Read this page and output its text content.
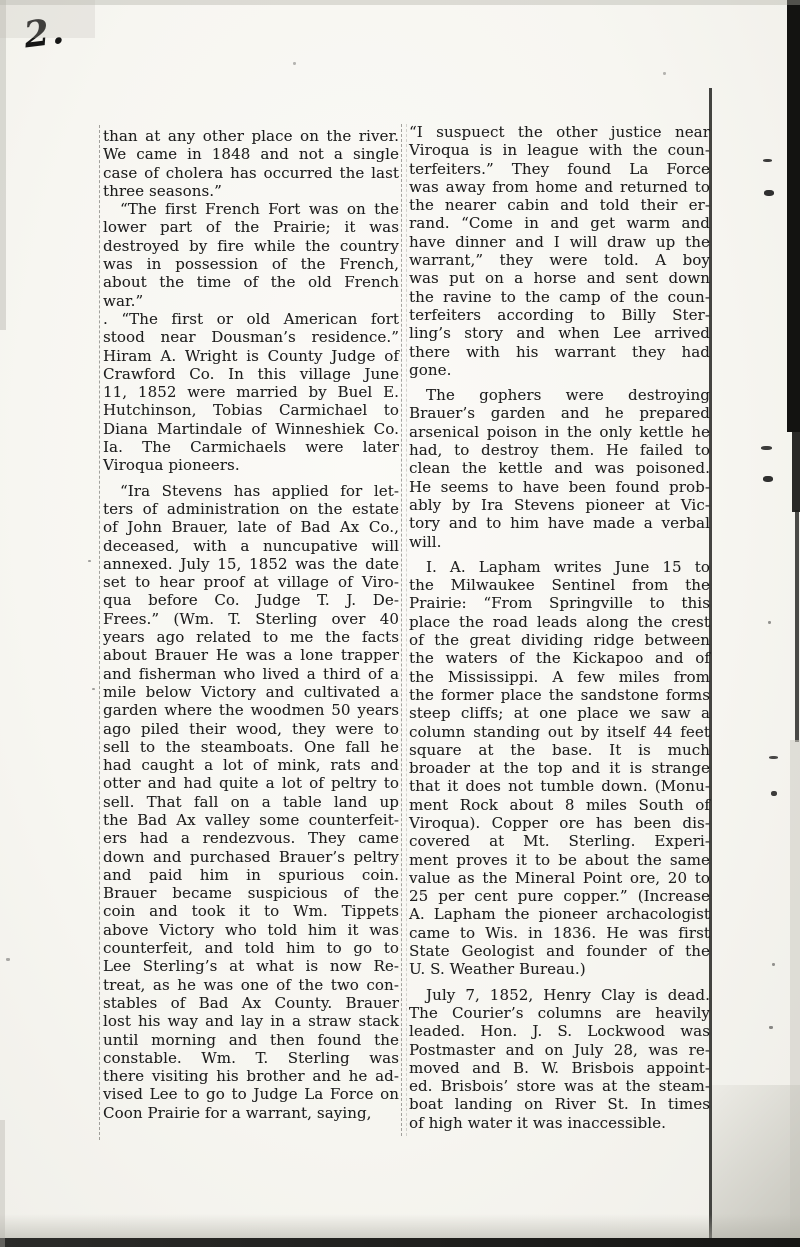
2.
than at any other place on the river.
We came in 1848 and not a single
case of cholera has occurred the last
three seasons.”
“The first French Fort was on the
lower part of the Prairie; it was
destroyed by fire while the country
was in possession of the French,
about the time of the old French
war.”
. “The first or old American fort
stood near Dousman’s residence.”
Hiram A. Wright is County Judge of
Crawford Co. In this village June
11, 1852 were married by Buel E.
Hutchinson, Tobias Carmichael to
Diana Martindale of Winneshiek Co.
Ia. The Carmichaels were later
Viroqua pioneers.
“Ira Stevens has applied for let-
ters of administration on the estate
of John Brauer, late of Bad Ax Co.,
deceased, with a nuncupative will
annexed. July 15, 1852 was the date
set to hear proof at village of Viro-
qua before Co. Judge T. J. De-
Frees.” (Wm. T. Sterling over 40
years ago related to me the facts
about Brauer He was a lone trapper
and fisherman who lived a third of a
mile below Victory and cultivated a
garden where the woodmen 50 years
ago piled their wood, they were to
sell to the steamboats. One fall he
had caught a lot of mink, rats and
otter and had quite a lot of peltry to
sell. That fall on a table land up
the Bad Ax valley some counterfeit-
ers had a rendezvous. They came
down and purchased Brauer’s peltry
and paid him in spurious coin.
Brauer became suspicious of the
coin and took it to Wm. Tippets
above Victory who told him it was
counterfeit, and told him to go to
Lee Sterling’s at what is now Re-
treat, as he was one of the two con-
stables of Bad Ax County. Brauer
lost his way and lay in a straw stack
until morning and then found the
constable. Wm. T. Sterling was
there visiting his brother and he ad-
vised Lee to go to Judge La Force on
Coon Prairie for a warrant, saying,
“I suspuect the other justice near
Viroqua is in league with the coun-
terfeiters.” They found La Force
was away from home and returned to
the nearer cabin and told their er-
rand. “Come in and get warm and
have dinner and I will draw up the
warrant,” they were told. A boy
was put on a horse and sent down
the ravine to the camp of the coun-
terfeiters according to Billy Ster-
ling’s story and when Lee arrived
there with his warrant they had
gone.
The gophers were destroying
Brauer’s garden and he prepared
arsenical poison in the only kettle he
had, to destroy them. He failed to
clean the kettle and was poisoned.
He seems to have been found prob-
ably by Ira Stevens pioneer at Vic-
tory and to him have made a verbal
will.
I. A. Lapham writes June 15 to
the Milwaukee Sentinel from the
Prairie: “From Springville to this
place the road leads along the crest
of the great dividing ridge between
the waters of the Kickapoo and of
the Mississippi. A few miles from
the former place the sandstone forms
steep cliffs; at one place we saw a
column standing out by itself 44 feet
square at the base. It is much
broader at the top and it is strange
that it does not tumble down. (Monu-
ment Rock about 8 miles South of
Viroqua). Copper ore has been dis-
covered at Mt. Sterling. Experi-
ment proves it to be about the same
value as the Mineral Point ore, 20 to
25 per cent pure copper.” (Increase
A. Lapham the pioneer archacologist
came to Wis. in 1836. He was first
State Geologist and founder of the
U. S. Weather Bureau.)
July 7, 1852, Henry Clay is dead.
The Courier’s columns are heavily
leaded. Hon. J. S. Lockwood was
Postmaster and on July 28, was re-
moved and B. W. Brisbois appoint-
ed. Brisbois’ store was at the steam-
boat landing on River St. In times
of high water it was inaccessible.
